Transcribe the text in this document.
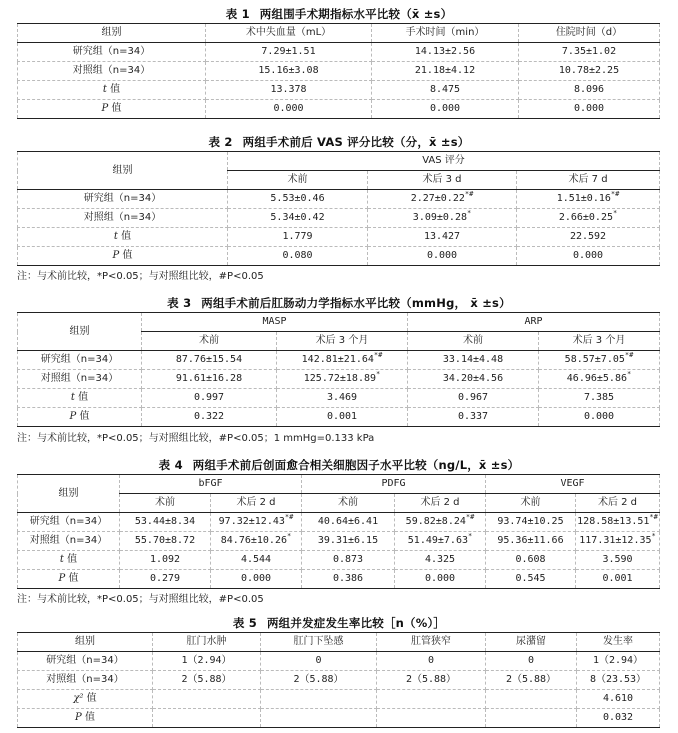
表 1 两组围手术期指标水平比较（x̄ ±s）
组别	术中失血量（mL）	手术时间（min）	住院时间（d）
研究组（n=34）	7.29±1.51	14.13±2.56	7.35±1.02
对照组（n=34）	15.16±3.08	21.18±4.12	10.78±2.25
t 值	13.378	8.475	8.096
P 值	0.000	0.000	0.000
表 2 两组手术前后 VAS 评分比较（分，x̄ ±s）
组别	VAS 评分		
	术前	术后 3 d	术后 7 d
研究组（n=34）	5.53±0.46	2.27±0.22*#	1.51±0.16*#
对照组（n=34）	5.34±0.42	3.09±0.28*	2.66±0.25*
t 值	1.779	13.427	22.592
P 值	0.080	0.000	0.000
注：与术前比较，*P<0.05；与对照组比较，#P<0.05
表 3 两组手术前后肛肠动力学指标水平比较（mmHg， x̄ ±s）
组别	MASP		ARP	
	术前	术后 3 个月	术前	术后 3 个月
研究组（n=34）	87.76±15.54	142.81±21.64*#	33.14±4.48	58.57±7.05*#
对照组（n=34）	91.61±16.28	125.72±18.89*	34.20±4.56	46.96±5.86*
t 值	0.997	3.469	0.967	7.385
P 值	0.322	0.001	0.337	0.000
注：与术前比较，*P<0.05；与对照组比较，#P<0.05；1 mmHg=0.133 kPa
表 4 两组手术前后创面愈合相关细胞因子水平比较（ng/L，x̄ ±s）
组别	bFGF		PDFG		VEGF	
	术前	术后 2 d	术前	术后 2 d	术前	术后 2 d
研究组（n=34）	53.44±8.34	97.32±12.43*#	40.64±6.41	59.82±8.24*#	93.74±10.25	128.58±13.51*#
对照组（n=34）	55.70±8.72	84.76±10.26*	39.31±6.15	51.49±7.63*	95.36±11.66	117.31±12.35*
t 值	1.092	4.544	0.873	4.325	0.608	3.590
P 值	0.279	0.000	0.386	0.000	0.545	0.001
注：与术前比较，*P<0.05；与对照组比较，#P<0.05
表 5 两组并发症发生率比较［n（%）］
组别	肛门水肿	肛门下坠感	肛管狭窄	尿潴留	发生率
研究组（n=34）	1（2.94）	0	0	0	1（2.94）
对照组（n=34）	2（5.88）	2（5.88）	2（5.88）	2（5.88）	8（23.53）
χ² 值					4.610
P 值					0.032
